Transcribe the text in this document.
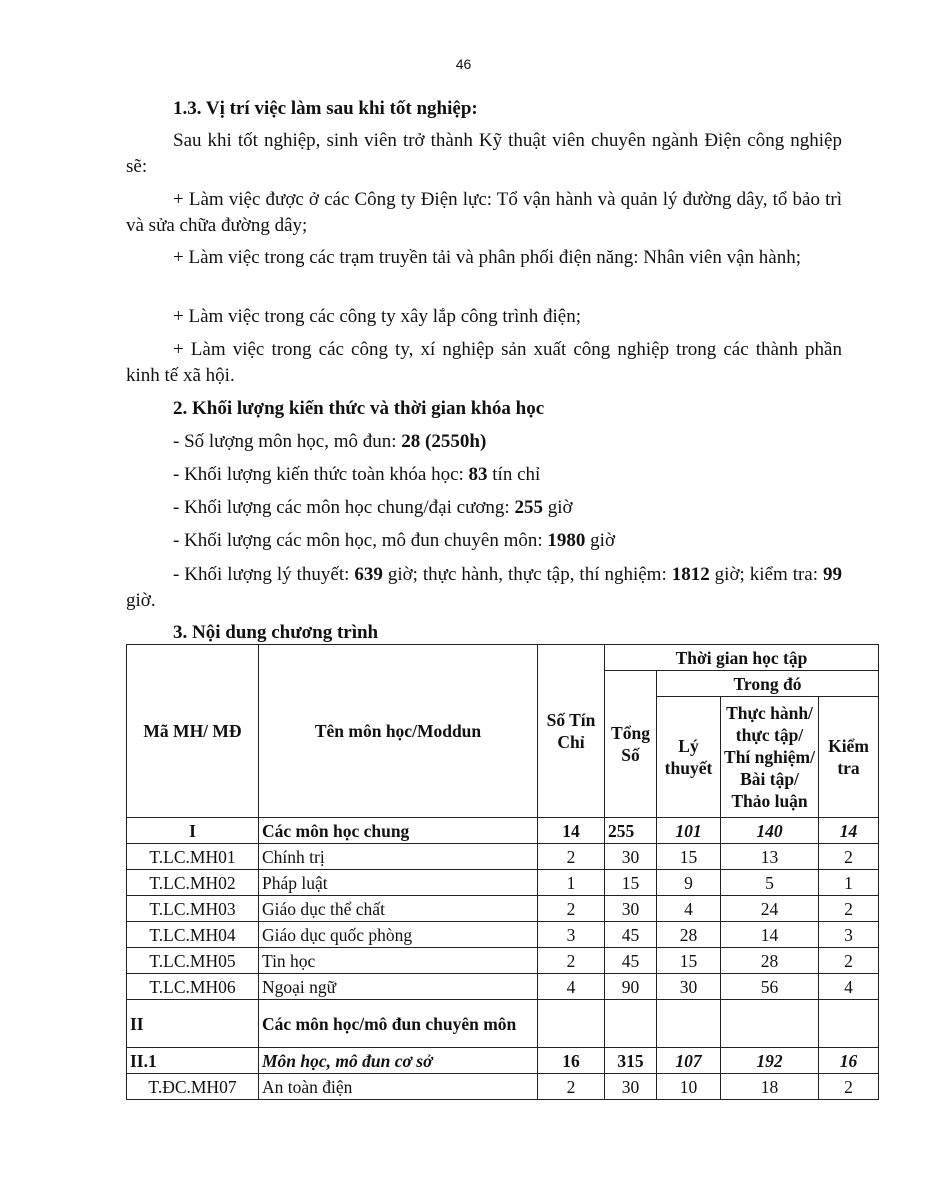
46

1.3. Vị trí việc làm sau khi tốt nghiệp:

Sau khi tốt nghiệp, sinh viên trở thành Kỹ thuật viên chuyên ngành Điện công nghiệp sẽ:

+ Làm việc được ở các Công ty Điện lực: Tổ vận hành và quản lý đường dây, tổ bảo trì và sửa chữa đường dây;

+ Làm việc trong các trạm truyền tải và phân phối điện năng: Nhân viên vận hành;

+ Làm việc trong các công ty xây lắp công trình điện;

+ Làm việc trong các công ty, xí nghiệp sản xuất công nghiệp trong các thành phần kinh tế xã hội.

2. Khối lượng kiến thức và thời gian khóa học

- Số lượng môn học, mô đun: 28 (2550h)

- Khối lượng kiến thức toàn khóa học: 83 tín chỉ

- Khối lượng các môn học chung/đại cương: 255 giờ

- Khối lượng các môn học, mô đun chuyên môn: 1980 giờ

- Khối lượng lý thuyết: 639 giờ; thực hành, thực tập, thí nghiệm: 1812 giờ; kiểm tra: 99 giờ.

3. Nội dung chương trình

Mã MH/ MĐ	Tên môn học/Moddun	Số Tín Chỉ	Thời gian học tập			
			Tổng Số	Trong đó		
				Lý thuyết	Thực hành/ thực tập/ Thí nghiệm/ Bài tập/ Thảo luận	Kiểm tra
I	Các môn học chung	14	255	101	140	14
T.LC.MH01	Chính trị	2	30	15	13	2
T.LC.MH02	Pháp luật	1	15	9	5	1
T.LC.MH03	Giáo dục thể chất	2	30	4	24	2
T.LC.MH04	Giáo dục quốc phòng	3	45	28	14	3
T.LC.MH05	Tin học	2	45	15	28	2
T.LC.MH06	Ngoại ngữ	4	90	30	56	4
II	Các môn học/mô đun chuyên môn					
II.1	Môn học, mô đun cơ sở	16	315	107	192	16
T.ĐC.MH07	An toàn điện	2	30	10	18	2
